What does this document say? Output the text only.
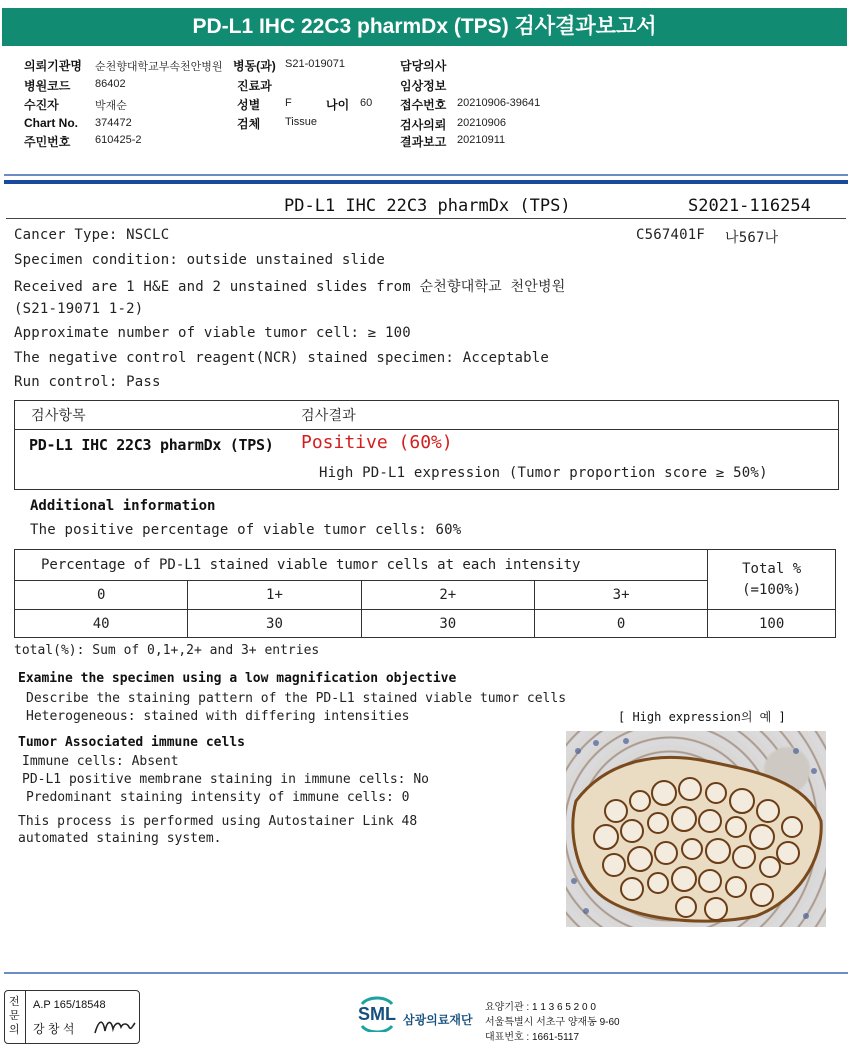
PD-L1 IHC 22C3 pharmDx (TPS) 검사결과보고서
의뢰기관명 순천향대학교부속천안병원 병동(과) S21-019071	담당의사
병원코드 86402	진료과	임상정보
수진자	박재순	성별 F	나이 60 접수번호 20210906-39641
Chart No. 374472	검체 Tissue	검사의뢰 20210906
주민번호 610425-2	결과보고 20210911
PD-L1 IHC 22C3 pharmDx (TPS)	S2021-116254
C567401F 나567나
Cancer Type: NSCLC
Specimen condition: outside unstained slide
Received are 1 H&E and 2 unstained slides from 순천향대학교 천안병원
(S21-19071 1-2)
Approximate number of viable tumor cell: ≥ 100
The negative control reagent(NCR) stained specimen: Acceptable
Run control: Pass
검사항목	검사결과
PD-L1 IHC 22C3 pharmDx (TPS) Positive (60%)
High PD-L1 expression (Tumor proportion score ≥ 50%)
Additional information
The positive percentage of viable tumor cells: 60%
Percentage of PD-L1 stained viable tumor cells at each intensity				Total %
(=100%)

0	1+	2+	3+	
40	30	30	0	100
total(%): Sum of 0,1+,2+ and 3+ entries
Examine the specimen using a low magnification objective
Describe the staining pattern of the PD-L1 stained viable tumor cells
Heterogeneous: stained with differing intensities	[ High expression의 예 ]
Tumor Associated immune cells
Immune cells: Absent
PD-L1 positive membrane staining in immune cells: No
Predominant staining intensity of immune cells: 0
This process is performed using Autostainer Link 48
automated staining system.
전문의
A.P 165/18548
강 창 석
SML 삼광의료재단
요양기관 : 1 1 3 6 5 2 0 0
서울특별시 서초구 양재동 9-60
대표번호 : 1661-5117
